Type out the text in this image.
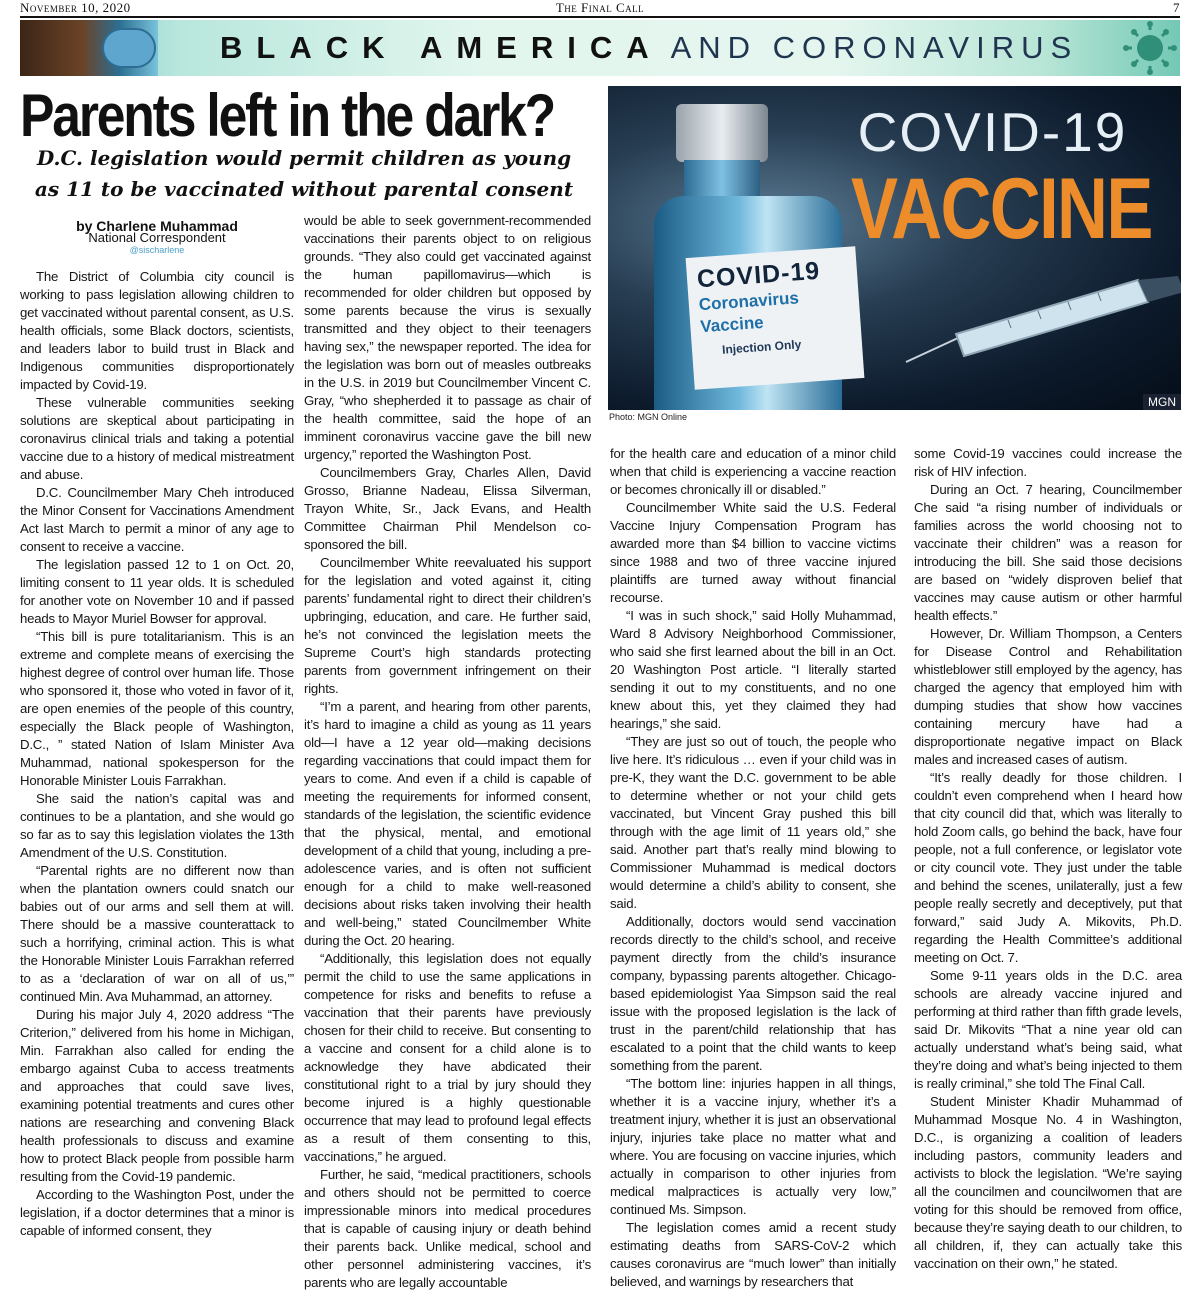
November 10, 2020	The Final Call	7
BLACK AMERICA AND CORONAVIRUS
Parents left in the dark?
D.C. legislation would permit children as young
as 11 to be vaccinated without parental consent
COVID-19
Coronavirus
Vaccine
Injection Only
COVID-19
VACCINE
MGN
Photo: MGN Online
by Charlene Muhammad
National Correspondent
@sischarlene

The District of Columbia city council is working to pass legislation allowing children to get vaccinated without parental consent, as U.S. health officials, some Black doctors, scientists, and leaders labor to build trust in Black and Indigenous communities disproportionately impacted by Covid-19.

These vulnerable communities seeking solutions are skeptical about participating in coronavirus clinical trials and taking a potential vaccine due to a history of medical mistreatment and abuse.

D.C. Councilmember Mary Cheh introduced the Minor Consent for Vaccinations Amendment Act last March to permit a minor of any age to consent to receive a vaccine.

The legislation passed 12 to 1 on Oct. 20, limiting consent to 11 year olds. It is scheduled for another vote on November 10 and if passed heads to Mayor Muriel Bowser for approval.

“This bill is pure totalitarianism. This is an extreme and complete means of exercising the highest degree of control over human life. Those who sponsored it, those who voted in favor of it, are open enemies of the people of this country, especially the Black people of Washington, D.C., ” stated Nation of Islam Minister Ava Muhammad, national spokesperson for the Honorable Minister Louis Farrakhan.

She said the nation’s capital was and continues to be a plantation, and she would go so far as to say this legislation violates the 13th Amendment of the U.S. Constitution.

“Parental rights are no different now than when the plantation owners could snatch our babies out of our arms and sell them at will. There should be a massive counterattack to such a horrifying, criminal action. This is what the Honorable Minister Louis Farrakhan referred to as a ‘declaration of war on all of us,’” continued Min. Ava Muhammad, an attorney.

During his major July 4, 2020 address “The Criterion,” delivered from his home in Michigan, Min. Farrakhan also called for ending the embargo against Cuba to access treatments and approaches that could save lives, examining potential treatments and cures other nations are researching and convening Black health professionals to discuss and examine how to protect Black people from possible harm resulting from the Covid-19 pandemic.

According to the Washington Post, under the legislation, if a doctor determines that a minor is capable of informed consent, they

would be able to seek government-recommended vaccinations their parents object to on religious grounds. “They also could get vaccinated against the human papillomavirus—which is recommended for older children but opposed by some parents because the virus is sexually transmitted and they object to their teenagers having sex,” the newspaper reported. The idea for the legislation was born out of measles outbreaks in the U.S. in 2019 but Councilmember Vincent C. Gray, “who shepherded it to passage as chair of the health committee, said the hope of an imminent coronavirus vaccine gave the bill new urgency,” reported the Washington Post.

Councilmembers Gray, Charles Allen, David Grosso, Brianne Nadeau, Elissa Silverman, Trayon White, Sr., Jack Evans, and Health Committee Chairman Phil Mendelson co-sponsored the bill.

Councilmember White reevaluated his support for the legislation and voted against it, citing parents’ fundamental right to direct their children’s upbringing, education, and care. He further said, he’s not convinced the legislation meets the Supreme Court’s high standards protecting parents from government infringement on their rights.

“I’m a parent, and hearing from other parents, it’s hard to imagine a child as young as 11 years old—I have a 12 year old—making decisions regarding vaccinations that could impact them for years to come. And even if a child is capable of meeting the requirements for informed consent, standards of the legislation, the scientific evidence that the physical, mental, and emotional development of a child that young, including a pre-adolescence varies, and is often not sufficient enough for a child to make well-reasoned decisions about risks taken involving their health and well-being,” stated Councilmember White during the Oct. 20 hearing.

“Additionally, this legislation does not equally permit the child to use the same applications in competence for risks and benefits to refuse a vaccination that their parents have previously chosen for their child to receive. But consenting to a vaccine and consent for a child alone is to acknowledge they have abdicated their constitutional right to a trial by jury should they become injured is a highly questionable occurrence that may lead to profound legal effects as a result of them consenting to this, vaccinations,” he argued.

Further, he said, “medical practitioners, schools and others should not be permitted to coerce impressionable minors into medical procedures that is capable of causing injury or death behind their parents back. Unlike medical, school and other personnel administering vaccines, it’s parents who are legally accountable

for the health care and education of a minor child when that child is experiencing a vaccine reaction or becomes chronically ill or disabled.”

Councilmember White said the U.S. Federal Vaccine Injury Compensation Program has awarded more than $4 billion to vaccine victims since 1988 and two of three vaccine injured plaintiffs are turned away without financial recourse.

“I was in such shock,” said Holly Muhammad, Ward 8 Advisory Neighborhood Commissioner, who said she first learned about the bill in an Oct. 20 Washington Post article. “I literally started sending it out to my constituents, and no one knew about this, yet they claimed they had hearings,” she said.

“They are just so out of touch, the people who live here. It’s ridiculous … even if your child was in pre-K, they want the D.C. government to be able to determine whether or not your child gets vaccinated, but Vincent Gray pushed this bill through with the age limit of 11 years old,” she said. Another part that’s really mind blowing to Commissioner Muhammad is medical doctors would determine a child’s ability to consent, she said.

Additionally, doctors would send vaccination records directly to the child’s school, and receive payment directly from the child’s insurance company, bypassing parents altogether. Chicago-based epidemiologist Yaa Simpson said the real issue with the proposed legislation is the lack of trust in the parent/child relationship that has escalated to a point that the child wants to keep something from the parent.

“The bottom line: injuries happen in all things, whether it is a vaccine injury, whether it’s a treatment injury, whether it is just an observational injury, injuries take place no matter what and where. You are focusing on vaccine injuries, which actually in comparison to other injuries from medical malpractices is actually very low,” continued Ms. Simpson.

The legislation comes amid a recent study estimating deaths from SARS-CoV-2 which causes coronavirus are “much lower” than initially believed, and warnings by researchers that

some Covid-19 vaccines could increase the risk of HIV infection.

During an Oct. 7 hearing, Councilmember Che said “a rising number of individuals or families across the world choosing not to vaccinate their children” was a reason for introducing the bill. She said those decisions are based on “widely disproven belief that vaccines may cause autism or other harmful health effects.”

However, Dr. William Thompson, a Centers for Disease Control and Rehabilitation whistleblower still employed by the agency, has charged the agency that employed him with dumping studies that show how vaccines containing mercury have had a disproportionate negative impact on Black males and increased cases of autism.

“It’s really deadly for those children. I couldn’t even comprehend when I heard how that city council did that, which was literally to hold Zoom calls, go behind the back, have four people, not a full conference, or legislator vote or city council vote. They just under the table and behind the scenes, unilaterally, just a few people really secretly and deceptively, put that forward,” said Judy A. Mikovits, Ph.D. regarding the Health Committee’s additional meeting on Oct. 7.

Some 9-11 years olds in the D.C. area schools are already vaccine injured and performing at third rather than fifth grade levels, said Dr. Mikovits “That a nine year old can actually understand what’s being said, what they’re doing and what’s being injected to them is really criminal,” she told The Final Call.

Student Minister Khadir Muhammad of Muhammad Mosque No. 4 in Washington, D.C., is organizing a coalition of leaders including pastors, community leaders and activists to block the legislation. “We’re saying all the councilmen and councilwomen that are voting for this should be removed from office, because they’re saying death to our children, to all children, if, they can actually take this vaccination on their own,” he stated.
